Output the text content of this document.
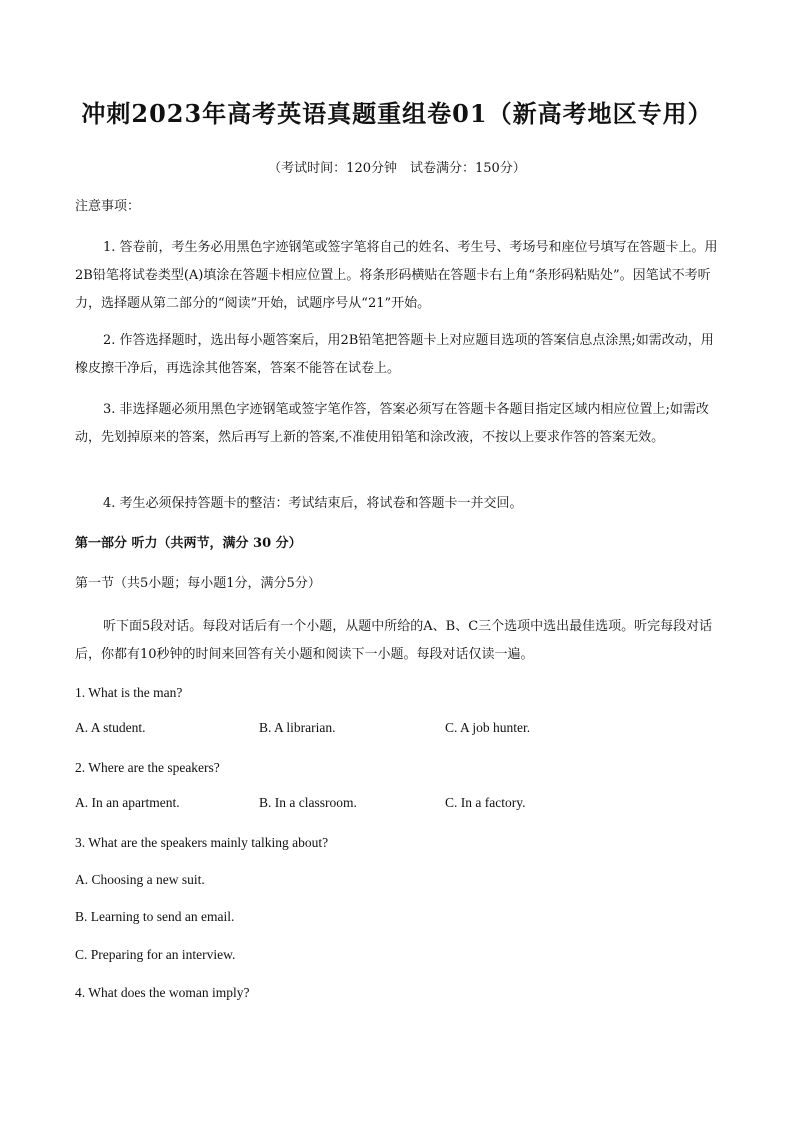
冲刺2023年高考英语真题重组卷01（新高考地区专用）
（考试时间：120分钟　试卷满分：150分）
注意事项：
1. 答卷前，考生务必用黑色字迹钢笔或签字笔将自己的姓名、考生号、考场号和座位号填写在答题卡上。用2B铅笔将试卷类型(A)填涂在答题卡相应位置上。将条形码横贴在答题卡右上角“条形码粘贴处”。因笔试不考听力，选择题从第二部分的“阅读”开始，试题序号从“21”开始。
2. 作答选择题时，选出每小题答案后，用2B铅笔把答题卡上对应题目选项的答案信息点涂黑;如需改动，用橡皮擦干净后，再选涂其他答案，答案不能答在试卷上。
3. 非选择题必须用黑色字迹钢笔或签字笔作答，答案必须写在答题卡各题目指定区域内相应位置上;如需改动，先划掉原来的答案，然后再写上新的答案,不准使用铅笔和涂改液，不按以上要求作答的答案无效。
4. 考生必须保持答题卡的整洁：考试结束后，将试卷和答题卡一并交回。
第一部分 听力（共两节，满分 30 分）
第一节（共5小题；每小题1分，满分5分）
听下面5段对话。每段对话后有一个小题，从题中所给的A、B、C三个选项中选出最佳选项。听完每段对话后，你都有10秒钟的时间来回答有关小题和阅读下一小题。每段对话仅读一遍。
1. What is the man?
A. A student.	B. A librarian.	C. A job hunter.
2. Where are the speakers?
A. In an apartment.	B. In a classroom.	C. In a factory.
3. What are the speakers mainly talking about?
A. Choosing a new suit.
B. Learning to send an email.
C. Preparing for an interview.
4. What does the woman imply?
